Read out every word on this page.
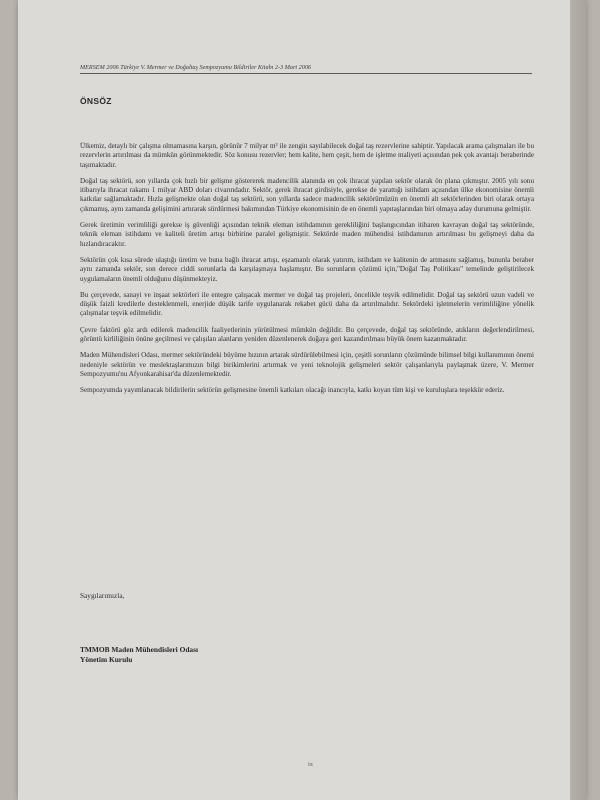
MERSEM 2006 Türkiye V. Mermer ve Doğaltaş Sempozyumu Bildiriler Kitabı 2-3 Mart 2006
ÖNSÖZ

Ülkemiz, detaylı bir çalışma olmamasına karşın, görünür 7 milyar m³ ile zengin sayılabilecek doğal taş rezervlerine sahiptir. Yapılacak arama çalışmaları ile bu rezervlerin artırılması da mümkün görünmektedir. Söz konusu rezervler; hem kalite, hem çeşit, hem de işletme maliyeti açısından pek çok avantajı beraberinde taşımaktadır.

Doğal taş sektörü, son yıllarda çok hızlı bir gelişme göstererek madencilik alanında en çok ihracat yapılan sektör olarak ön plana çıkmıştır. 2005 yılı sonu itibarıyla ihracat rakamı 1 milyar ABD doları civarındadır. Sektör, gerek ihracat girdisiyle, gerekse de yarattığı istihdam açısından ülke ekonomisine önemli katkılar sağlamaktadır. Hızla gelişmekte olan doğal taş sektörü, son yıllarda sadece madencilik sektörümüzün en önemli alt sektörlerinden biri olarak ortaya çıkmamış, aynı zamanda gelişimini artırarak sürdürmesi bakımından Türkiye ekonomisinin de en önemli yapıtaşlarından biri olmaya aday durumuna gelmiştir.

Gerek üretimin verimliliği gerekse iş güvenliği açısından teknik eleman istihdamının gerekliliğini başlangıcından itibaren kavrayan doğal taş sektöründe, teknik eleman istihdamı ve kaliteli üretim artışı birbirine paralel gelişmiştir. Sektörde maden mühendisi istihdamının artırılması bu gelişmeyi daha da hızlandıracaktır.

Sektörün çok kısa sürede ulaştığı üretim ve buna bağlı ihracat artışı, eşzamanlı olarak yatırım, istihdam ve kalitenin de artmasını sağlamış, bununla beraber aynı zamanda sektör, son derece ciddi sorunlarla da karşılaşmaya başlamıştır. Bu sorunların çözümü için,"Doğal Taş Politikası" temelinde geliştirilecek uygulamaların önemli olduğunu düşünmekteyiz.

Bu çerçevede, sanayi ve inşaat sektörleri ile entegre çalışacak mermer ve doğal taş projeleri, öncelikle teşvik edilmelidir. Doğal taş sektörü uzun vadeli ve düşük faizli kredilerle desteklenmeli, enerjide düşük tarife uygulanarak rekabet gücü daha da artırılmalıdır. Sektördeki işletmelerin verimliliğine yönelik çalışmalar teşvik edilmelidir.

Çevre faktörü göz ardı edilerek madencilik faaliyetlerinin yürütülmesi mümkün değildir. Bu çerçevede, doğal taş sektöründe, atıkların değerlendirilmesi, görüntü kirliliğinin önüne geçilmesi ve çalışılan alanların yeniden düzenlenerek doğaya geri kazandırılması büyük önem kazanmaktadır.

Maden Mühendisleri Odası, mermer sektöründeki büyüme hızının artarak sürdürülebilmesi için, çeşitli sorunların çözümünde bilimsel bilgi kullanımının önemi nedeniyle sektörün ve meslektaşlarımızın bilgi birikimlerini artırmak ve yeni teknolojik gelişmeleri sektör çalışanlarıyla paylaşmak üzere, V. Mermer Sempozyumu'nu Afyonkarahisar'da düzenlemektedir.

Sempozyumda yayımlanacak bildirilerin sektörün gelişmesine önemli katkıları olacağı inancıyla, katkı koyan tüm kişi ve kuruluşlara teşekkür ederiz.

Saygılarımızla,
TMMOB Maden Mühendisleri Odası
Yönetim Kurulu
ix
